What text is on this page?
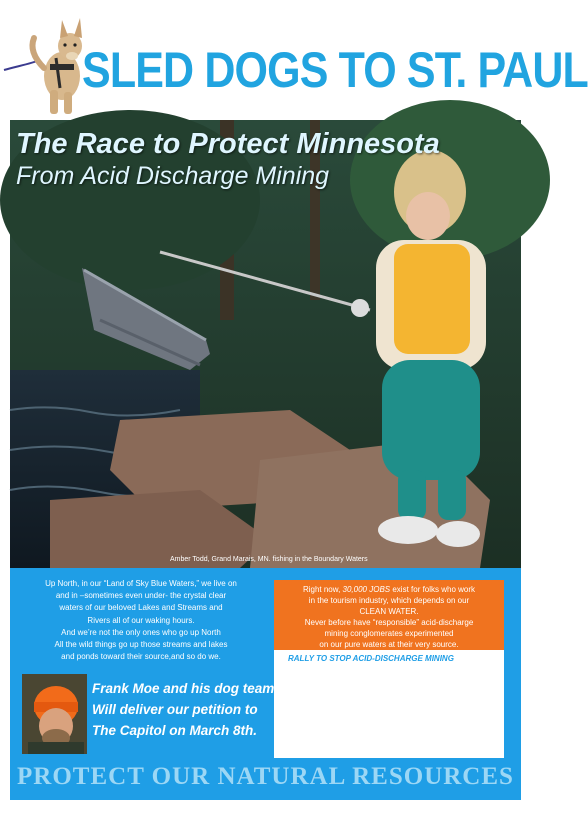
SLED DOGS TO ST. PAUL
The Race to Protect Minnesota
From Acid Discharge Mining
Amber Todd, Grand Marais, MN. fishing in the Boundary Waters
Up North, in our “Land of Sky Blue Waters,” we live on
and in –sometimes even under- the crystal clear
waters of our beloved Lakes and Streams and
Rivers all of our waking hours.
And we’re not the only ones who go up North
All the wild things go up those streams and lakes
and ponds toward their source,and so do we.
Right now, 30,000 JOBS exist for folks who work
in the tourism industry, which depends on our
CLEAN WATER.
Never before have “responsible” acid-discharge
mining conglomerates experimented
on our pure waters at their very source.
RALLY TO STOP ACID-DISCHARGE MINING
Frank Moe and his dog team
Will deliver our petition to
The Capitol on March 8th.
PROTECT OUR NATURAL RESOURCES
